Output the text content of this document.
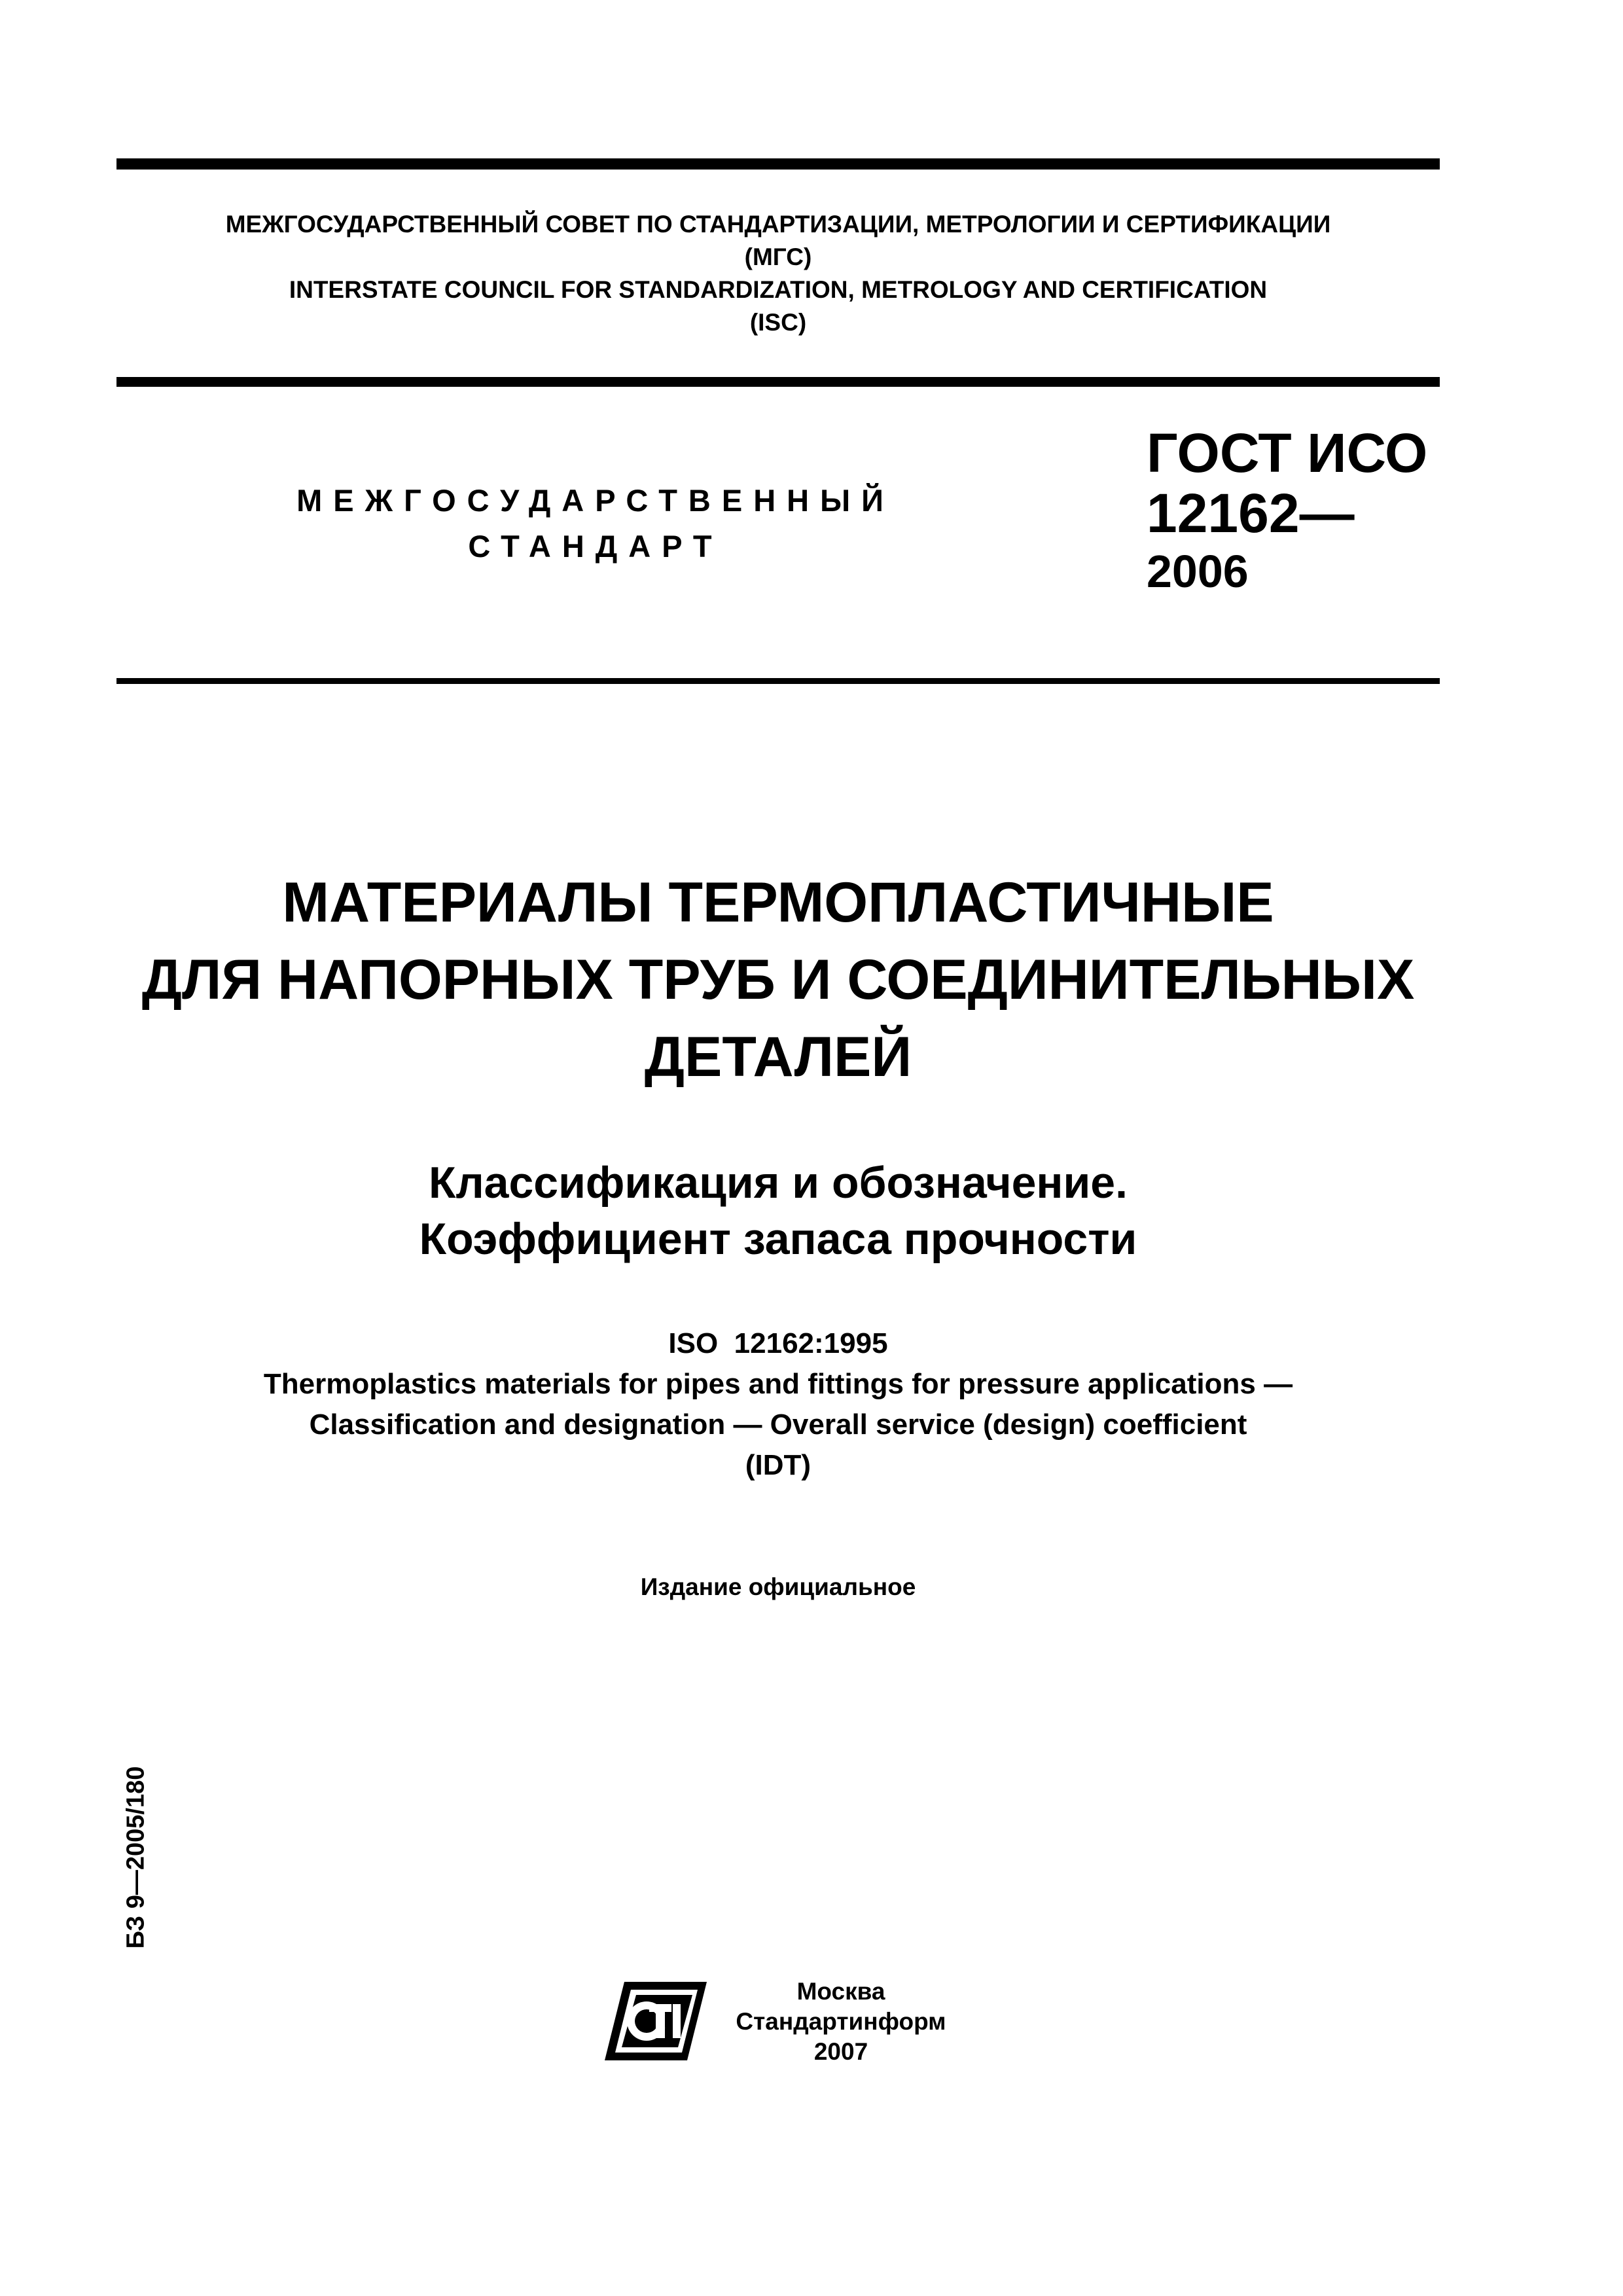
МЕЖГОСУДАРСТВЕННЫЙ СОВЕТ ПО СТАНДАРТИЗАЦИИ, МЕТРОЛОГИИ И СЕРТИФИКАЦИИ
(МГС)
INTERSTATE COUNCIL FOR STANDARDIZATION, METROLOGY AND CERTIFICATION
(ISC)
МЕЖГОСУДАРСТВЕННЫЙ
СТАНДАРТ
ГОСТ ИСО
12162—
2006
МАТЕРИАЛЫ ТЕРМОПЛАСТИЧНЫЕ
ДЛЯ НАПОРНЫХ ТРУБ И СОЕДИНИТЕЛЬНЫХ
ДЕТАЛЕЙ
Классификация и обозначение.
Коэффициент запаса прочности
ISO  12162:1995
Thermoplastics materials for pipes and fittings for pressure applications —
Classification and designation — Overall service (design) coefficient
(IDT)
Издание официальное
БЗ 9—2005/180
Москва
Стандартинформ
2007
